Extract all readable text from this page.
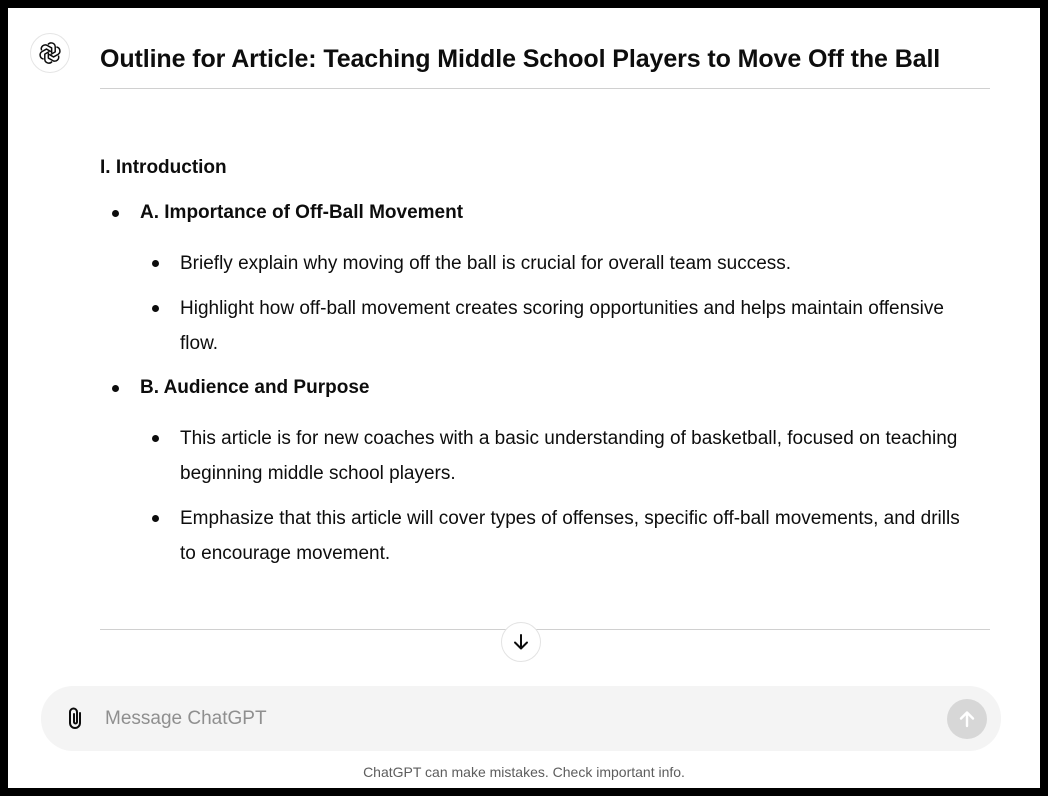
Outline for Article: Teaching Middle School Players to Move Off the Ball
I. Introduction
A. Importance of Off-Ball Movement
Briefly explain why moving off the ball is crucial for overall team success.
Highlight how off-ball movement creates scoring opportunities and helps maintain offensive flow.
B. Audience and Purpose
This article is for new coaches with a basic understanding of basketball, focused on teaching beginning middle school players.
Emphasize that this article will cover types of offenses, specific off-ball movements, and drills to encourage movement.
Message ChatGPT
ChatGPT can make mistakes. Check important info.
